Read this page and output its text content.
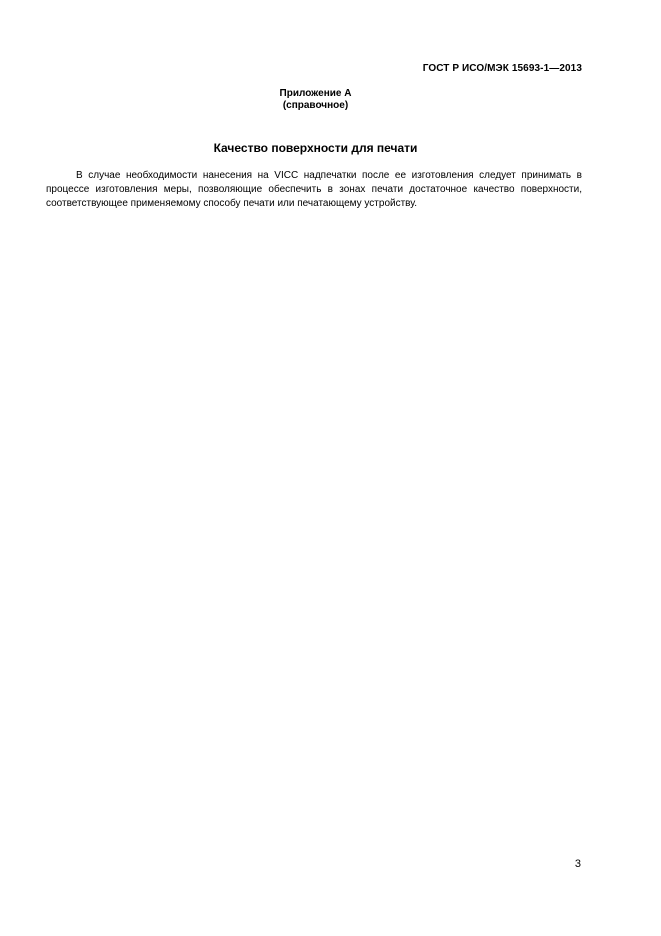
ГОСТ Р ИСО/МЭК 15693-1—2013
Приложение А
(справочное)
Качество поверхности для печати

В случае необходимости нанесения на VICC надпечатки после ее изготовления следует принимать в процессе изготовления меры, позволяющие обеспечить в зонах печати достаточное качество поверхности, соответствующее применяемому способу печати или печатающему устройству.

3
